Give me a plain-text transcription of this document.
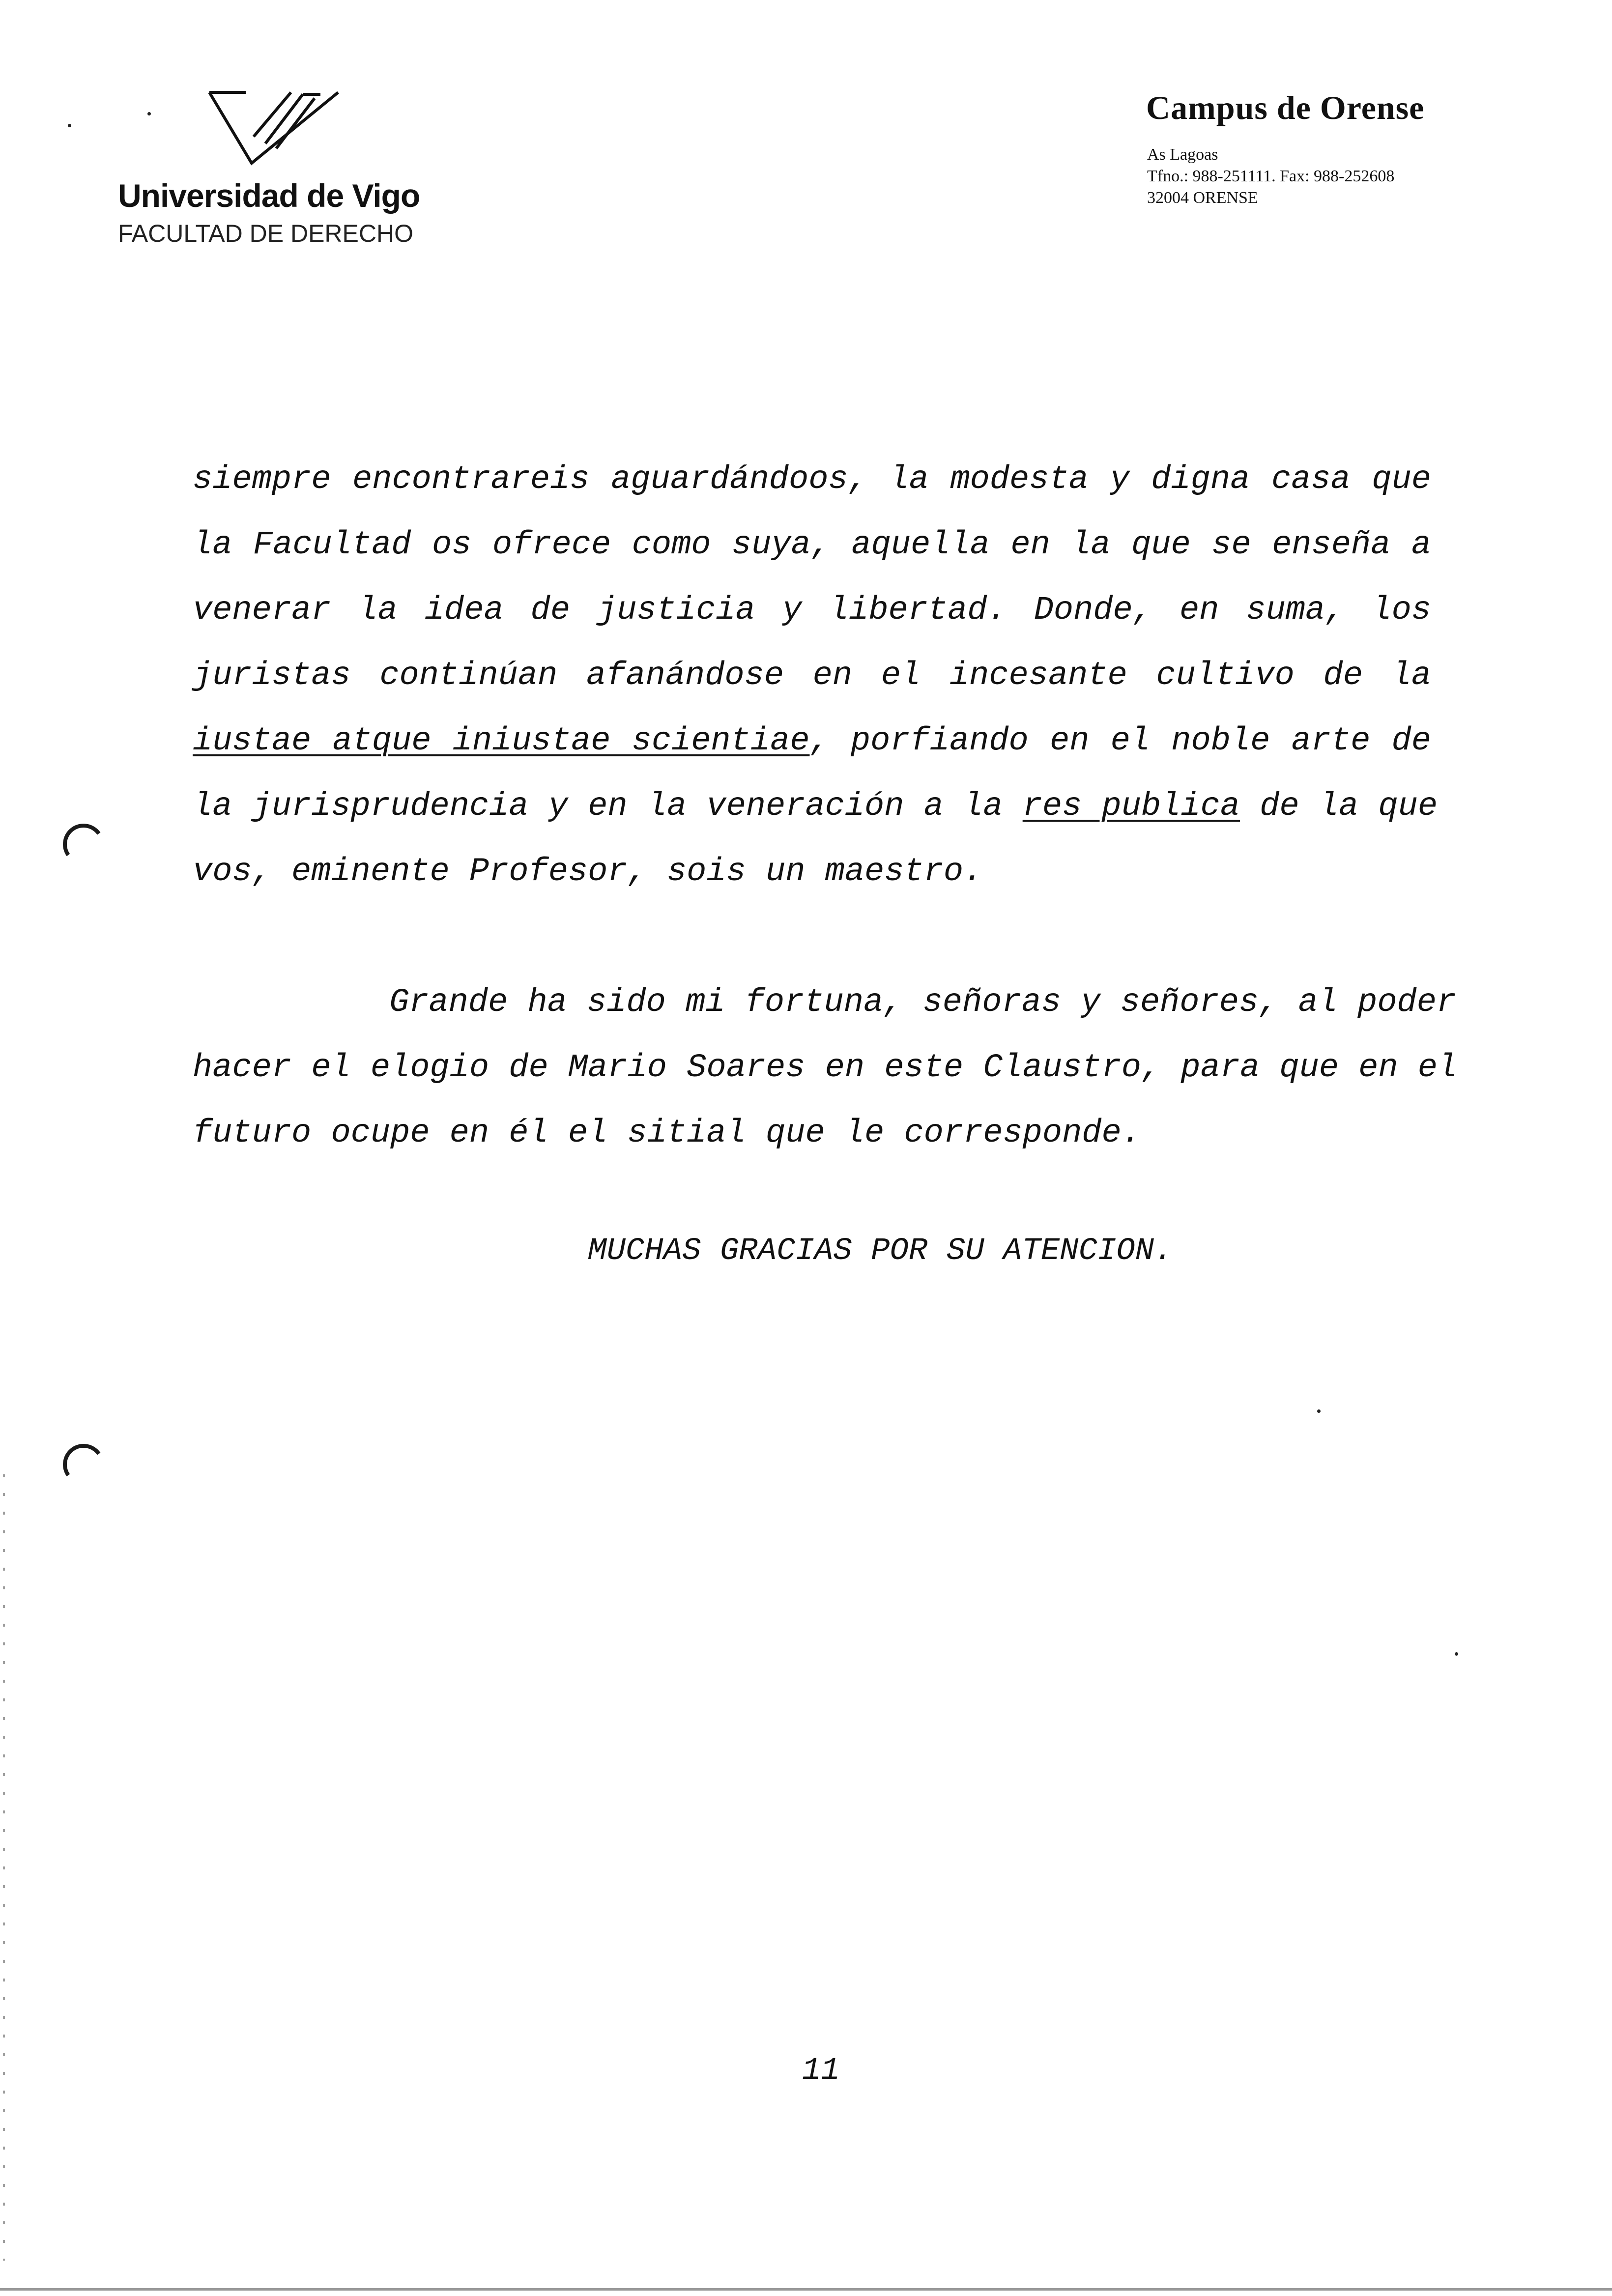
Universidad de Vigo
FACULTAD DE DERECHO
Campus de Orense
As Lagoas
Tfno.: 988-251111. Fax: 988-252608
32004 ORENSE
siempre encontrareis aguardándoos, la modesta y digna casa que
la Facultad os ofrece como suya, aquella en la que se enseña a
venerar la idea de justicia y libertad. Donde, en suma, los
juristas continúan afanándose en el incesante cultivo de la
iustae atque iniustae scientiae, porfiando en el noble arte de
la jurisprudencia y en la veneración a la res publica de la que
vos, eminente Profesor, sois un maestro.
Grande ha sido mi fortuna, señoras y señores, al poder
hacer el elogio de Mario Soares en este Claustro, para que en el
futuro ocupe en él el sitial que le corresponde.
MUCHAS GRACIAS POR SU ATENCION.
11
